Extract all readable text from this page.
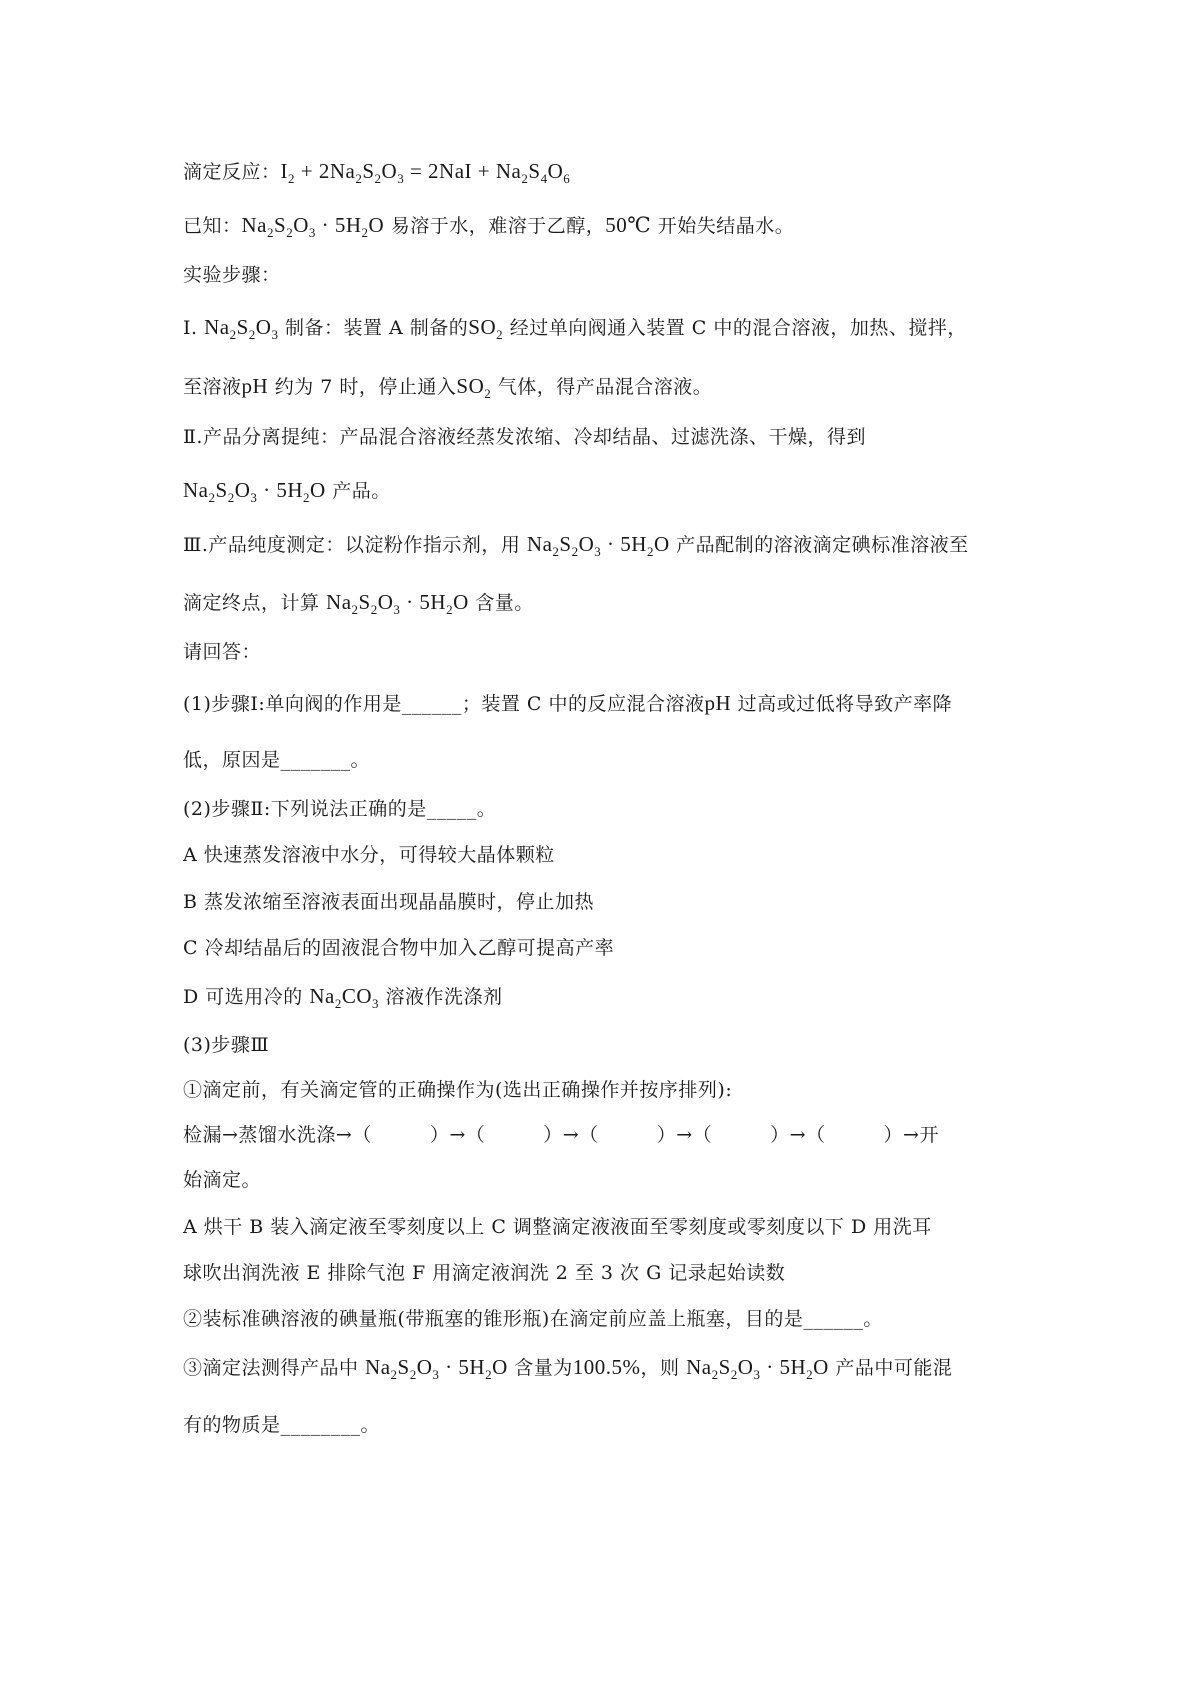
滴定反应：$I_2 + 2Na_2S_2O_3 = 2NaI + Na_2S_4O_6$
已知：$Na_2S_2O_3 \cdot 5H_2O$ 易溶于水，难溶于乙醇，50℃ 开始失结晶水。
实验步骤：
Ⅰ. $Na_2S_2O_3$ 制备：装置 A 制备的$SO_2$ 经过单向阀通入装置 C 中的混合溶液，加热、搅拌，
至溶液pH 约为 7 时，停止通入$SO_2$ 气体，得产品混合溶液。
Ⅱ.产品分离提纯：产品混合溶液经蒸发浓缩、冷却结晶、过滤洗涤、干燥，得到
$Na_2S_2O_3 \cdot 5H_2O$ 产品。
Ⅲ.产品纯度测定：以淀粉作指示剂，用 $Na_2S_2O_3 \cdot 5H_2O$ 产品配制的溶液滴定碘标准溶液至
滴定终点，计算 $Na_2S_2O_3 \cdot 5H_2O$ 含量。
请回答：
(1)步骤Ⅰ:单向阀的作用是______；装置 C 中的反应混合溶液pH 过高或过低将导致产率降
低，原因是_______。
(2)步骤Ⅱ:下列说法正确的是_____。
A 快速蒸发溶液中水分，可得较大晶体颗粒
B 蒸发浓缩至溶液表面出现晶晶膜时，停止加热
C 冷却结晶后的固液混合物中加入乙醇可提高产率
D 可选用冷的 $Na_2CO_3$ 溶液作洗涤剂
(3)步骤Ⅲ
①滴定前，有关滴定管的正确操作为(选出正确操作并按序排列):
检漏→蒸馏水洗涤→（	）→（	）→（	）→（	）→（	）→开
始滴定。
A 烘干 B 装入滴定液至零刻度以上 C 调整滴定液液面至零刻度或零刻度以下 D 用洗耳
球吹出润洗液 E 排除气泡 F 用滴定液润洗 2 至 3 次 G 记录起始读数
②装标准碘溶液的碘量瓶(带瓶塞的锥形瓶)在滴定前应盖上瓶塞，目的是______。
③滴定法测得产品中 $Na_2S_2O_3 \cdot 5H_2O$ 含量为100.5%，则 $Na_2S_2O_3 \cdot 5H_2O$ 产品中可能混
有的物质是________。
